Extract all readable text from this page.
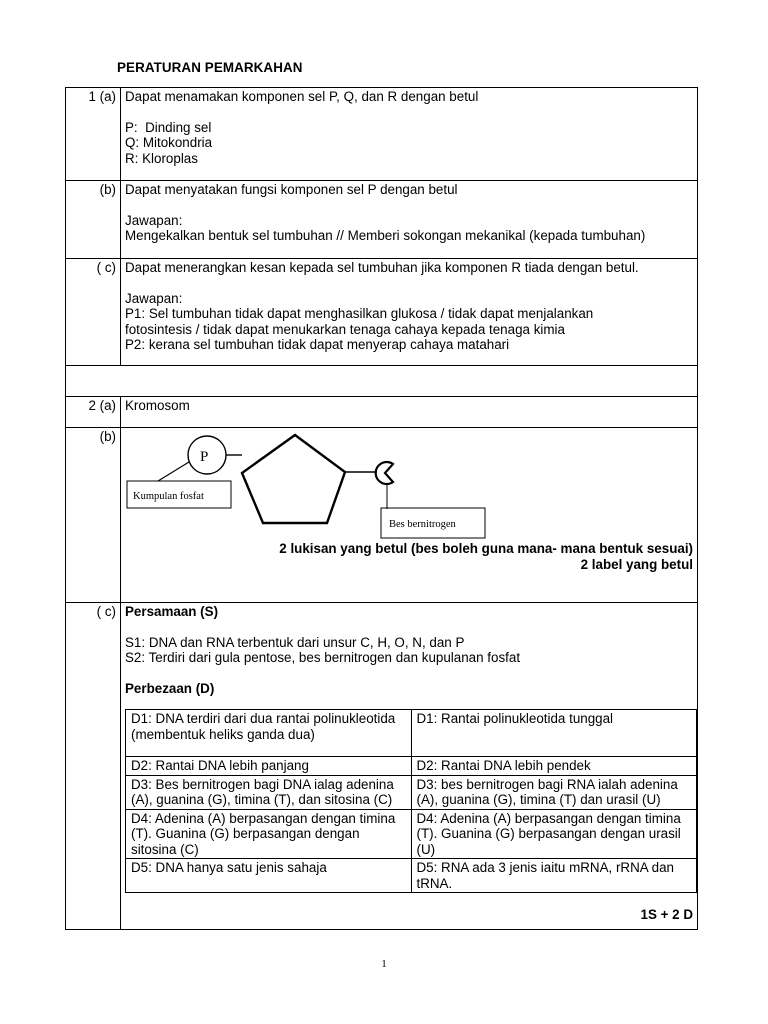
PERATURAN PEMARKAHAN
1 (a)	Dapat menamakan komponen sel P, Q, dan R dengan betul
P:  Dinding sel
Q: Mitokondria
R: Kloroplas

(b)	Dapat menyatakan fungsi komponen sel P dengan betul
Jawapan:
Mengekalkan bentuk sel tumbuhan // Memberi sokongan mekanikal (kepada tumbuhan)

( c)	Dapat menerangkan kesan kepada sel tumbuhan jika komponen R tiada dengan betul.
Jawapan:
P1: Sel tumbuhan tidak dapat menghasilkan glukosa / tidak dapat menjalankan
fotosintesis / tidak dapat menukarkan tenaga cahaya kepada tenaga kimia
P2: kerana sel tumbuhan tidak dapat menyerap cahaya matahari

2 (a)	Kromosom
(b)	
P
Kumpulan fosfat
Bes bernitrogen
2 lukisan yang betul (bes boleh guna mana- mana bentuk sesuai)
2 label yang betul

( c)	Persamaan (S)
S1: DNA dan RNA terbentuk dari unsur C, H, O, N, dan P
S2: Terdiri dari gula pentose, bes bernitrogen dan kupulanan fosfat
Perbezaan (D)
D1: DNA terdiri dari dua rantai polinukleotida (membentuk heliks ganda dua)	D1: Rantai polinukleotida tunggal
D2: Rantai DNA lebih panjang	D2: Rantai DNA lebih pendek
D3: Bes bernitrogen bagi DNA ialag adenina (A), guanina (G), timina (T), dan sitosina (C)	D3: bes bernitrogen bagi RNA ialah adenina (A), guanina (G), timina (T) dan urasil (U)
D4: Adenina (A) berpasangan dengan timina (T). Guanina (G) berpasangan dengan sitosina (C)	D4: Adenina (A) berpasangan dengan timina (T). Guanina (G) berpasangan dengan urasil (U)
D5: DNA hanya satu jenis sahaja	D5: RNA ada 3 jenis iaitu mRNA, rRNA dan tRNA.
1S + 2 D
1
